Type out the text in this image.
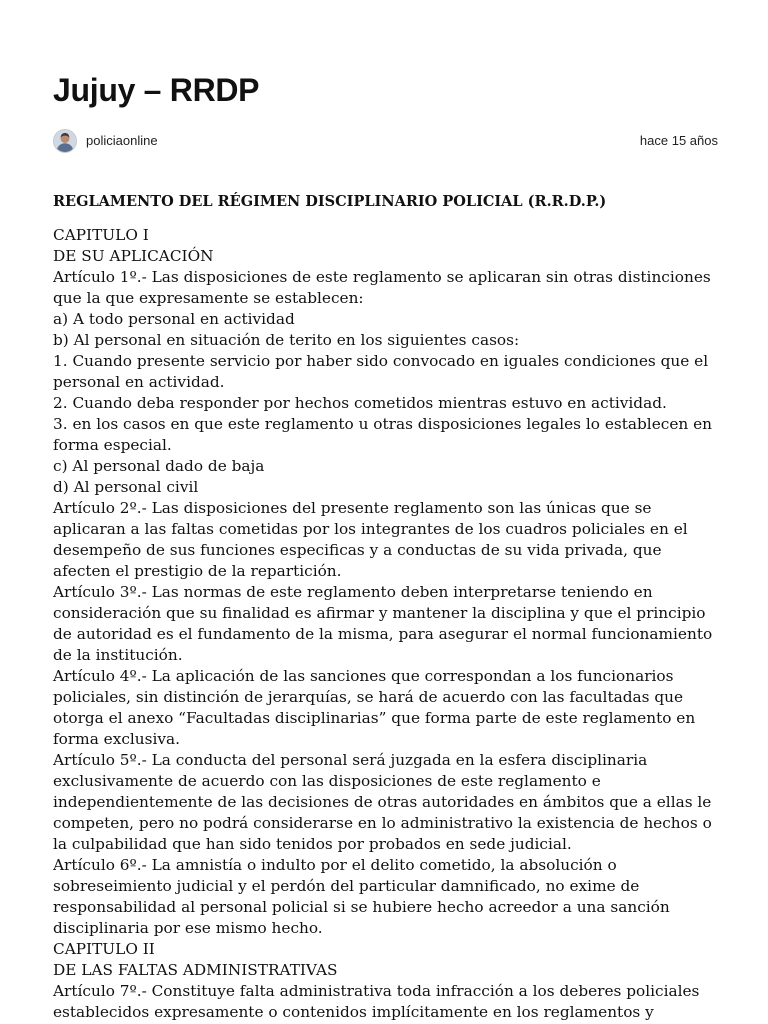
Jujuy – RRDP
policiaonline	hace 15 años

REGLAMENTO DEL RÉGIMEN DISCIPLINARIO POLICIAL (R.R.D.P.)

CAPITULO I
DE SU APLICACIÓN
Artículo 1º.- Las disposiciones de este reglamento se aplicaran sin otras distinciones que la que expresamente se establecen:
a) A todo personal en actividad
b) Al personal en situación de terito en los siguientes casos:
1. Cuando presente servicio por haber sido convocado en iguales condiciones que el personal en actividad.
2. Cuando deba responder por hechos cometidos mientras estuvo en actividad.
3. en los casos en que este reglamento u otras disposiciones legales lo establecen en forma especial.
c) Al personal dado de baja
d) Al personal civil
Artículo 2º.- Las disposiciones del presente reglamento son las únicas que se aplicaran a las faltas cometidas por los integrantes de los cuadros policiales en el desempeño de sus funciones especificas y a conductas de su vida privada, que afecten el prestigio de la repartición.
Artículo 3º.- Las normas de este reglamento deben interpretarse teniendo en consideración que su finalidad es afirmar y mantener la disciplina y que el principio de autoridad es el fundamento de la misma, para asegurar el normal funcionamiento de la institución.
Artículo 4º.- La aplicación de las sanciones que correspondan a los funcionarios policiales, sin distinción de jerarquías, se hará de acuerdo con las facultadas que otorga el anexo “Facultadas disciplinarias” que forma parte de este reglamento en forma exclusiva.
Artículo 5º.- La conducta del personal será juzgada en la esfera disciplinaria exclusivamente de acuerdo con las disposiciones de este reglamento e independientemente de las decisiones de otras autoridades en ámbitos que a ellas le competen, pero no podrá considerarse en lo administrativo la existencia de hechos o la culpabilidad que han sido tenidos por probados en sede judicial.
Artículo 6º.- La amnistía o indulto por el delito cometido, la absolución o sobreseimiento judicial y el perdón del particular damnificado, no exime de responsabilidad al personal policial si se hubiere hecho acreedor a una sanción disciplinaria por ese mismo hecho.
CAPITULO II
DE LAS FALTAS ADMINISTRATIVAS
Artículo 7º.- Constituye falta administrativa toda infracción a los deberes policiales establecidos expresamente o contenidos implícitamente en los reglamentos y
